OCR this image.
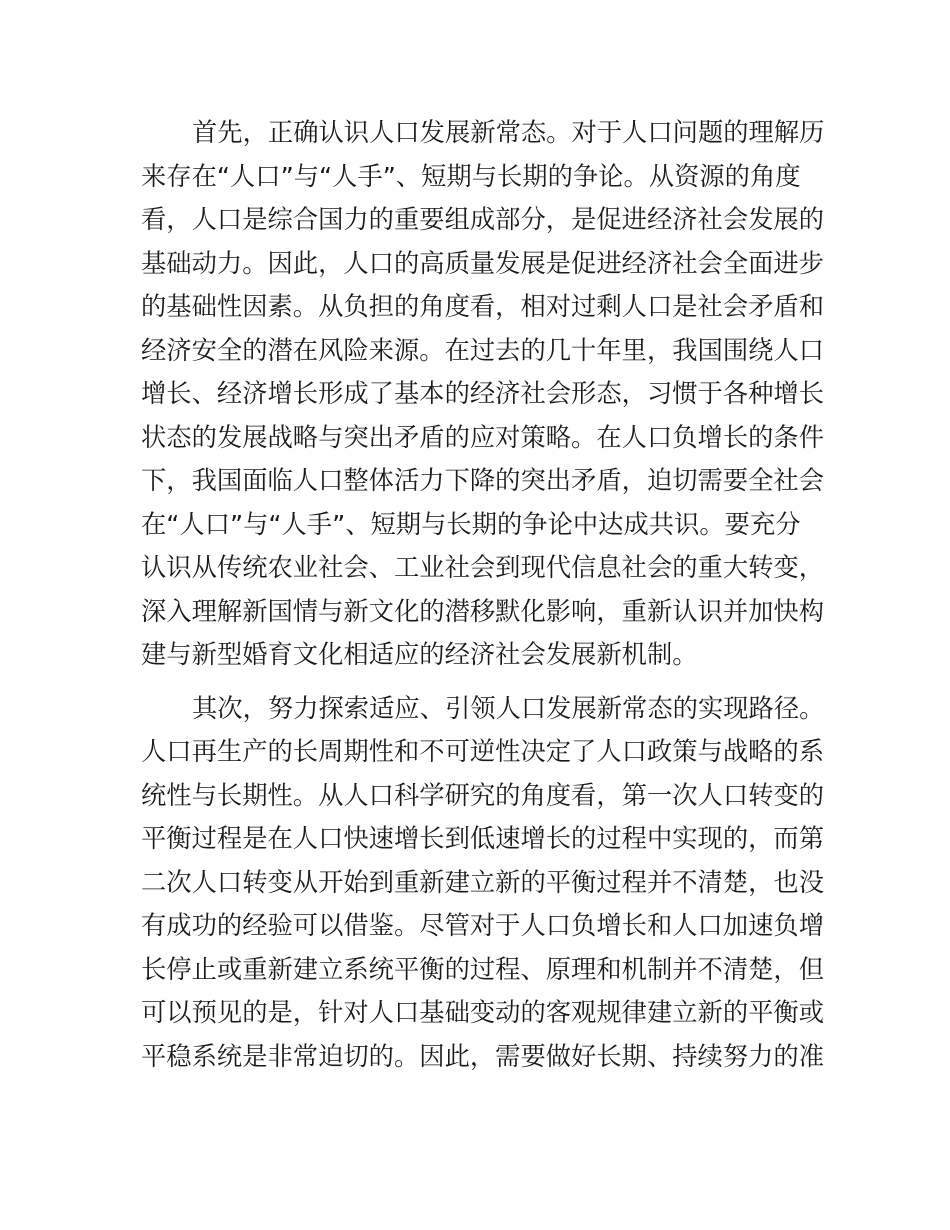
首先，正确认识人口发展新常态。对于人口问题的理解历
来存在“人口”与“人手”、短期与长期的争论。从资源的角度
看，人口是综合国力的重要组成部分，是促进经济社会发展的
基础动力。因此，人口的高质量发展是促进经济社会全面进步
的基础性因素。从负担的角度看，相对过剩人口是社会矛盾和
经济安全的潜在风险来源。在过去的几十年里，我国围绕人口
增长、经济增长形成了基本的经济社会形态，习惯于各种增长
状态的发展战略与突出矛盾的应对策略。在人口负增长的条件
下，我国面临人口整体活力下降的突出矛盾，迫切需要全社会
在“人口”与“人手”、短期与长期的争论中达成共识。要充分
认识从传统农业社会、工业社会到现代信息社会的重大转变，
深入理解新国情与新文化的潜移默化影响，重新认识并加快构
建与新型婚育文化相适应的经济社会发展新机制。

其次，努力探索适应、引领人口发展新常态的实现路径。
人口再生产的长周期性和不可逆性决定了人口政策与战略的系
统性与长期性。从人口科学研究的角度看，第一次人口转变的
平衡过程是在人口快速增长到低速增长的过程中实现的，而第
二次人口转变从开始到重新建立新的平衡过程并不清楚，也没
有成功的经验可以借鉴。尽管对于人口负增长和人口加速负增
长停止或重新建立系统平衡的过程、原理和机制并不清楚，但
可以预见的是，针对人口基础变动的客观规律建立新的平衡或
平稳系统是非常迫切的。因此，需要做好长期、持续努力的准
